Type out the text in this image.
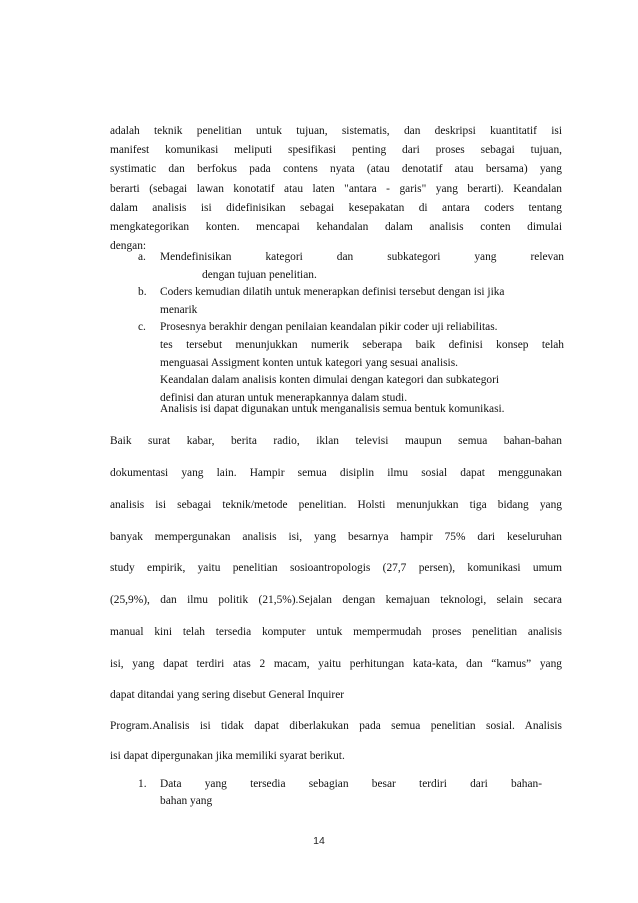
adalah teknik penelitian untuk tujuan, sistematis, dan deskripsi kuantitatif isi
manifest komunikasi meliputi spesifikasi penting dari proses sebagai tujuan,
systimatic dan berfokus pada contens nyata (atau denotatif atau bersama) yang
berarti (sebagai lawan konotatif atau laten "antara - garis" yang berarti). Keandalan
dalam analisis isi didefinisikan sebagai kesepakatan di antara coders tentang
mengkategorikan konten. mencapai kehandalan dalam analisis conten dimulai
dengan:
a. Mendefinisikan kategori dan subkategori yang relevan
dengan tujuan penelitian.
b. Coders kemudian dilatih untuk menerapkan definisi tersebut dengan isi jika
menarik
c. Prosesnya berakhir dengan penilaian keandalan pikir coder uji reliabilitas.
tes tersebut menunjukkan numerik seberapa baik definisi konsep telah
menguasai Assigment konten untuk kategori yang sesuai analisis.
Keandalan dalam analisis konten dimulai dengan kategori dan subkategori
definisi dan aturan untuk menerapkannya dalam studi.
Analisis isi dapat digunakan untuk menganalisis semua bentuk komunikasi.
Baik surat kabar, berita radio, iklan televisi maupun semua bahan-bahan
dokumentasi yang lain. Hampir semua disiplin ilmu sosial dapat menggunakan
analisis isi sebagai teknik/metode penelitian. Holsti menunjukkan tiga bidang yang
banyak mempergunakan analisis isi, yang besarnya hampir 75% dari keseluruhan
study empirik, yaitu penelitian sosioantropologis (27,7 persen), komunikasi umum
(25,9%), dan ilmu politik (21,5%).Sejalan dengan kemajuan teknologi, selain secara
manual kini telah tersedia komputer untuk mempermudah proses penelitian analisis
isi, yang dapat terdiri atas 2 macam, yaitu perhitungan kata-kata, dan “kamus” yang
dapat ditandai yang sering disebut General Inquirer
Program.Analisis isi tidak dapat diberlakukan pada semua penelitian sosial. Analisis
isi dapat dipergunakan jika memiliki syarat berikut.
1. Data yang tersedia sebagian besar terdiri dari bahan-
bahan yang
14
